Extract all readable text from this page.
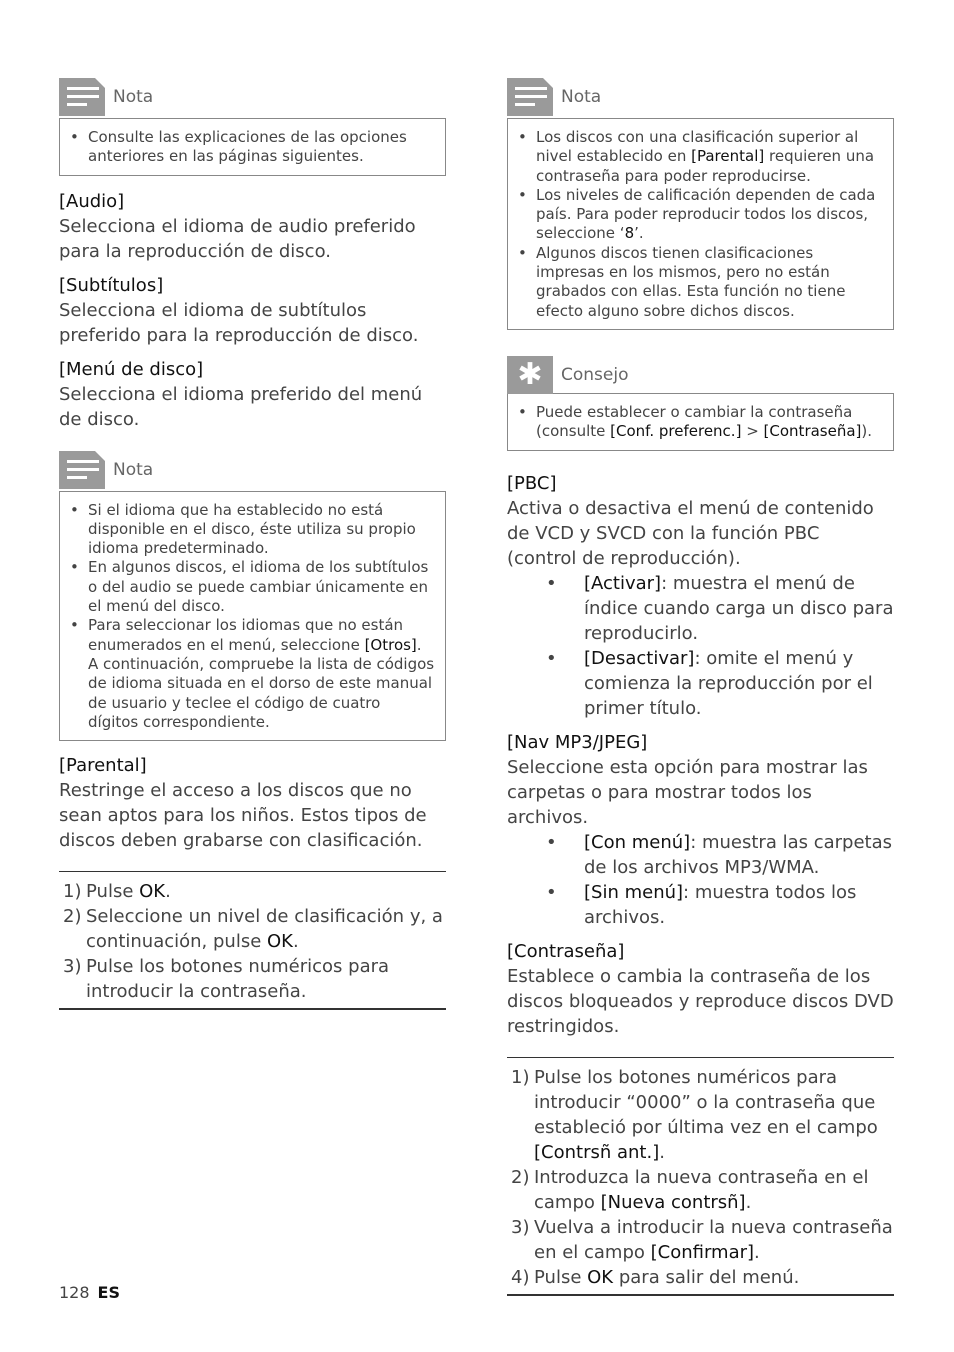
Nota
• Consulte las explicaciones de las opciones anteriores en las páginas siguientes.
[Audio]
Selecciona el idioma de audio preferido para la reproducción de disco.
[Subtítulos]
Selecciona el idioma de subtítulos preferido para la reproducción de disco.
[Menú de disco]
Selecciona el idioma preferido del menú de disco.
Nota
• Si el idioma que ha establecido no está disponible en el disco, éste utiliza su propio idioma predeterminado.
• En algunos discos, el idioma de los subtítulos o del audio se puede cambiar únicamente en el menú del disco.
• Para seleccionar los idiomas que no están enumerados en el menú, seleccione [Otros]. A continuación, compruebe la lista de códigos de idioma situada en el dorso de este manual de usuario y teclee el código de cuatro dígitos correspondiente.
[Parental]
Restringe el acceso a los discos que no sean aptos para los niños. Estos tipos de discos deben grabarse con clasificación.
1) Pulse OK.
2) Seleccione un nivel de clasificación y, a continuación, pulse OK.
3) Pulse los botones numéricos para introducir la contraseña.
Nota
• Los discos con una clasificación superior al nivel establecido en [Parental] requieren una contraseña para poder reproducirse.
• Los niveles de calificación dependen de cada país. Para poder reproducir todos los discos, seleccione ‘8’.
• Algunos discos tienen clasificaciones impresas en los mismos, pero no están grabados con ellas. Esta función no tiene efecto alguno sobre dichos discos.
✱	Consejo
• Puede establecer o cambiar la contraseña (consulte [Conf. preferenc.] > [Contraseña]).
[PBC]
Activa o desactiva el menú de contenido de VCD y SVCD con la función PBC (control de reproducción).
• [Activar]: muestra el menú de índice cuando carga un disco para reproducirlo.
• [Desactivar]: omite el menú y comienza la reproducción por el primer título.
[Nav MP3/JPEG]
Seleccione esta opción para mostrar las carpetas o para mostrar todos los archivos.
• [Con menú]: muestra las carpetas de los archivos MP3/WMA.
• [Sin menú]: muestra todos los archivos.
[Contraseña]
Establece o cambia la contraseña de los discos bloqueados y reproduce discos DVD restringidos.
1) Pulse los botones numéricos para introducir “0000” o la contraseña que estableció por última vez en el campo [Contrsñ ant.].
2) Introduzca la nueva contraseña en el campo [Nueva contrsñ].
3) Vuelva a introducir la nueva contraseña en el campo [Confirmar].
4) Pulse OK para salir del menú.
128 ES
